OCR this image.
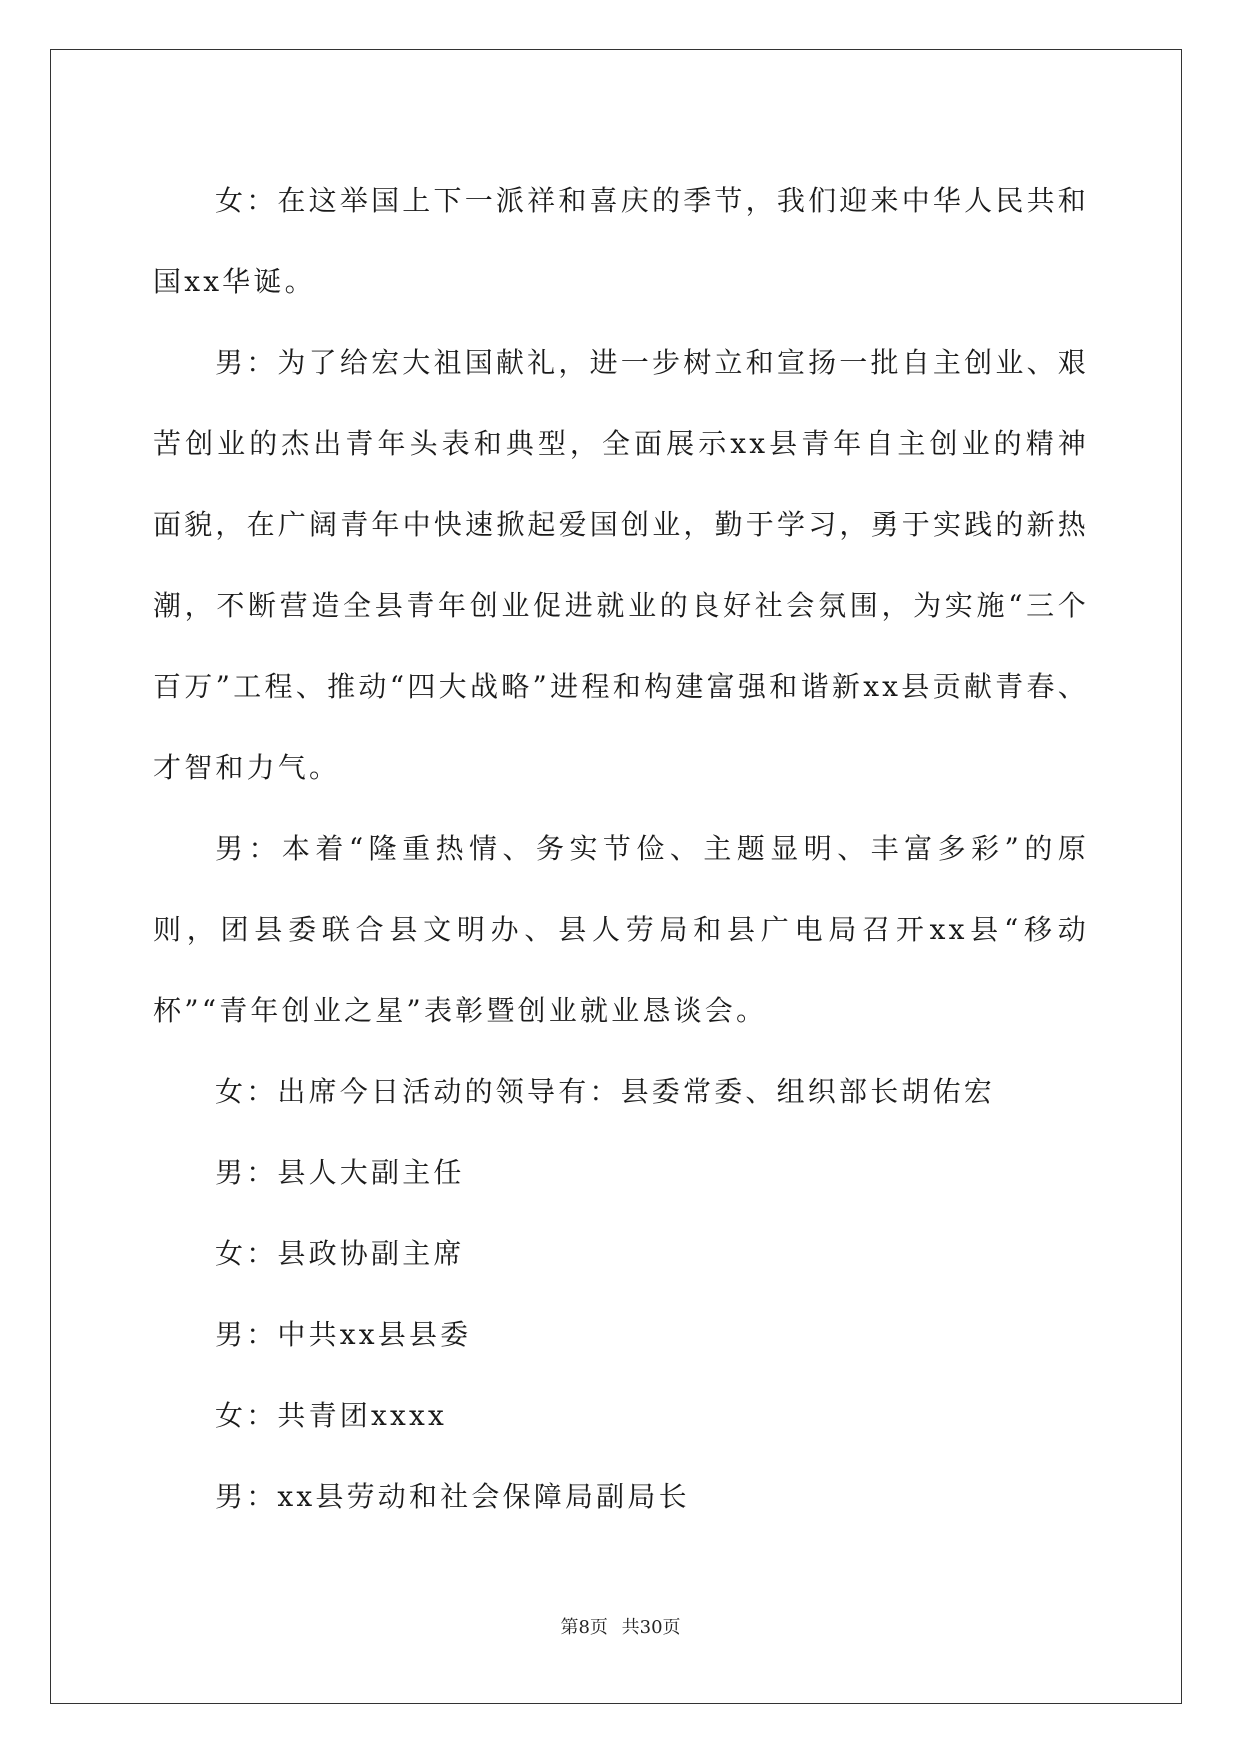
女：在这举国上下一派祥和喜庆的季节，我们迎来中华人民共和国xx华诞。

男：为了给宏大祖国献礼，进一步树立和宣扬一批自主创业、艰苦创业的杰出青年头表和典型，全面展示xx县青年自主创业的精神面貌，在广阔青年中快速掀起爱国创业，勤于学习，勇于实践的新热潮，不断营造全县青年创业促进就业的良好社会氛围，为实施“三个百万”工程、推动“四大战略”进程和构建富强和谐新xx县贡献青春、才智和力气。

男：本着“隆重热情、务实节俭、主题显明、丰富多彩”的原则，团县委联合县文明办、县人劳局和县广电局召开xx县“移动杯”“青年创业之星”表彰暨创业就业恳谈会。

女：出席今日活动的领导有：县委常委、组织部长胡佑宏

男：县人大副主任

女：县政协副主席

男：中共xx县县委

女：共青团xxxx

男：xx县劳动和社会保障局副局长

第8页 共30页
